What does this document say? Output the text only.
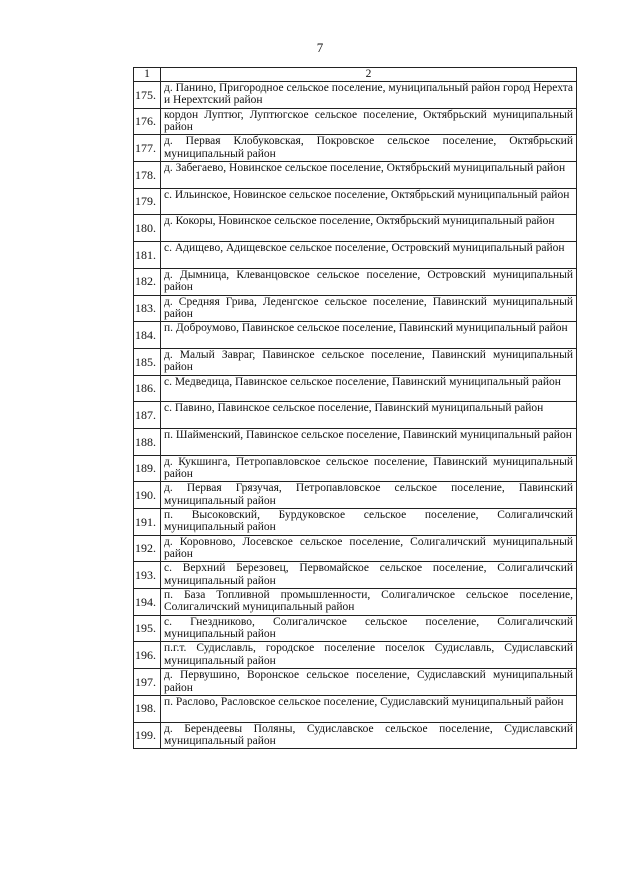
7
1	2
175.	д. Панино, Пригородное сельское поселение, муниципальный район город Нерехта и Нерехтский район
176.	кордон Луптюг, Луптюгское сельское поселение, Октябрьский муниципальный район
177.	д. Первая Клобуковская, Покровское сельское поселение, Октябрьский муниципальный район
178.	д. Забегаево, Новинское сельское поселение, Октябрьский муниципальный район
179.	с. Ильинское, Новинское сельское поселение, Октябрьский муниципальный район
180.	д. Кокоры, Новинское сельское поселение, Октябрьский муниципальный район
181.	с. Адищево, Адищевское сельское поселение, Островский муниципальный район
182.	д. Дымница, Клеванцовское сельское поселение, Островский муниципальный район
183.	д. Средняя Грива, Леденгское сельское поселение, Павинский муниципальный район
184.	п. Доброумово, Павинское сельское поселение, Павинский муниципальный район
185.	д. Малый Завраг, Павинское сельское поселение, Павинский муниципальный район
186.	с. Медведица, Павинское сельское поселение, Павинский муниципальный район
187.	с. Павино, Павинское сельское поселение, Павинский муниципальный район
188.	п. Шайменский, Павинское сельское поселение, Павинский муниципальный район
189.	д. Кукшинга, Петропавловское сельское поселение, Павинский муниципальный район
190.	д. Первая Грязучая, Петропавловское сельское поселение, Павинский муниципальный район
191.	п. Высоковский, Бурдуковское сельское поселение, Солигаличский муниципальный район
192.	д. Коровново, Лосевское сельское поселение, Солигаличский муниципальный район
193.	с. Верхний Березовец, Первомайское сельское поселение, Солигаличский муниципальный район
194.	п. База Топливной промышленности, Солигаличское сельское поселение, Солигаличский муниципальный район
195.	с. Гнездниково, Солигаличское сельское поселение, Солигаличский муниципальный район
196.	п.г.т. Судиславль, городское поселение поселок Судиславль, Судиславский муниципальный район
197.	д. Первушино, Воронское сельское поселение, Судиславский муниципальный район
198.	п. Раслово, Расловское сельское поселение, Судиславский муниципальный район
199.	д. Берендеевы Поляны, Судиславское сельское поселение, Судиславский муниципальный район
